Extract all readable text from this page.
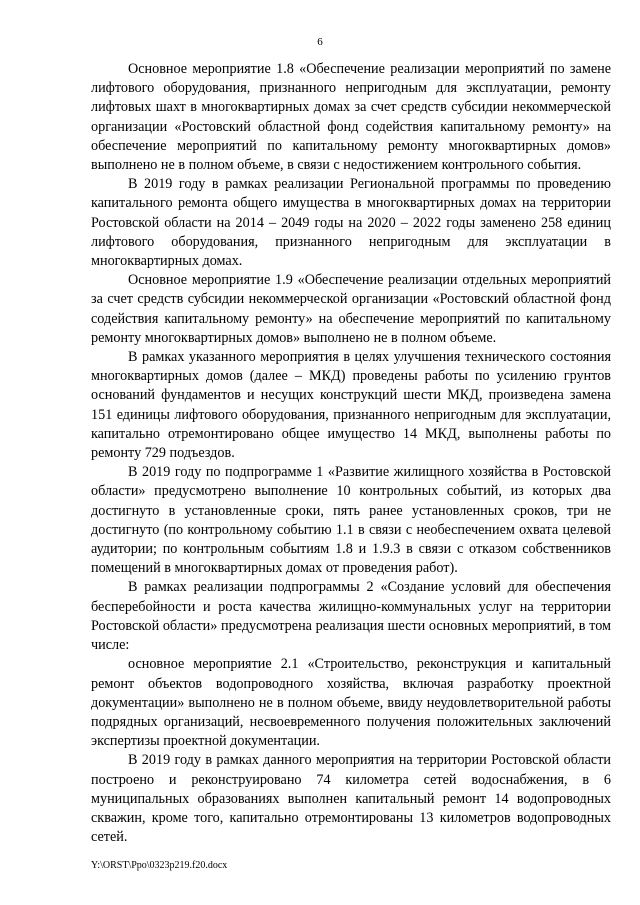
6

Основное мероприятие 1.8 «Обеспечение реализации мероприятий по замене лифтового оборудования, признанного непригодным для эксплуатации, ремонту лифтовых шахт в многоквартирных домах за счет средств субсидии некоммерческой организации «Ростовский областной фонд содействия капитальному ремонту» на обеспечение мероприятий по капитальному ремонту многоквартирных домов» выполнено не в полном объеме, в связи с недостижением контрольного события.

В 2019 году в рамках реализации Региональной программы по проведению капитального ремонта общего имущества в многоквартирных домах на территории Ростовской области на 2014 – 2049 годы на 2020 – 2022 годы заменено 258 единиц лифтового оборудования, признанного непригодным для эксплуатации в многоквартирных домах.

Основное мероприятие 1.9 «Обеспечение реализации отдельных мероприятий за счет средств субсидии некоммерческой организации «Ростовский областной фонд содействия капитальному ремонту» на обеспечение мероприятий по капитальному ремонту многоквартирных домов» выполнено не в полном объеме.

В рамках указанного мероприятия в целях улучшения технического состояния многоквартирных домов (далее – МКД) проведены работы по усилению грунтов оснований фундаментов и несущих конструкций шести МКД, произведена замена 151 единицы лифтового оборудования, признанного непригодным для эксплуатации, капитально отремонтировано общее имущество 14 МКД, выполнены работы по ремонту 729 подъездов.

В 2019 году по подпрограмме 1 «Развитие жилищного хозяйства в Ростовской области» предусмотрено выполнение 10 контрольных событий, из которых два достигнуто в установленные сроки, пять ранее установленных сроков, три не достигнуто (по контрольному событию 1.1 в связи с необеспечением охвата целевой аудитории; по контрольным событиям 1.8 и 1.9.3 в связи с отказом собственников помещений в многоквартирных домах от проведения работ).

В рамках реализации подпрограммы 2 «Создание условий для обеспечения бесперебойности и роста качества жилищно-коммунальных услуг на территории Ростовской области» предусмотрена реализация шести основных мероприятий, в том числе:

основное мероприятие 2.1 «Строительство, реконструкция и капитальный ремонт объектов водопроводного хозяйства, включая разработку проектной документации» выполнено не в полном объеме, ввиду неудовлетворительной работы подрядных организаций, несвоевременного получения положительных заключений экспертизы проектной документации.

В 2019 году в рамках данного мероприятия на территории Ростовской области построено и реконструировано 74 километра сетей водоснабжения, в 6 муниципальных образованиях выполнен капитальный ремонт 14 водопроводных скважин, кроме того, капитально отремонтированы 13 километров водопроводных сетей.

Y:\ORST\Ppo\0323p219.f20.docx
